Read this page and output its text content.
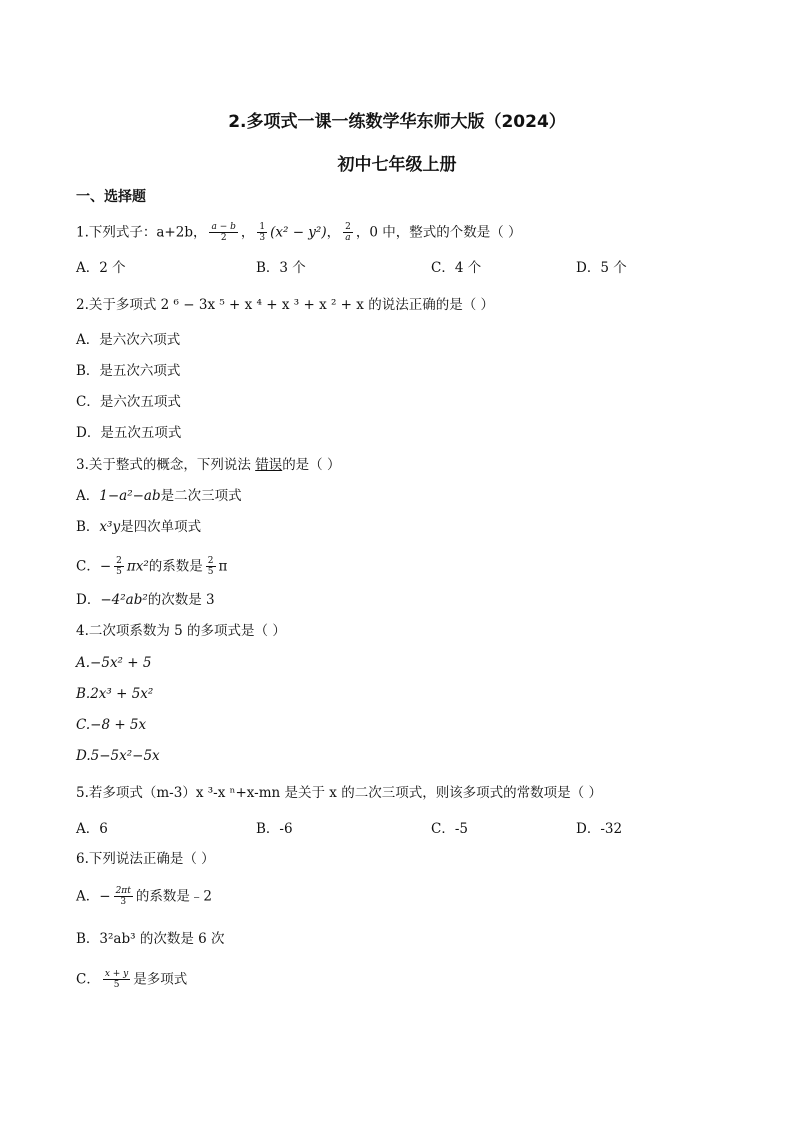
2.多项式一课一练数学华东师大版（2024）
初中七年级上册
一、选择题
1.下列式子：a+2b， $\frac{a - b}{2}$ ， $\frac{1}{3} (x^2 - y^2)$， $\frac{2}{a}$ ，0 中，整式的个数是（ ）
A．2 个	B．3 个	C．4 个	D．5 个
2.关于多项式 2 ⁶ − 3x ⁵ + x ⁴ + x ³ + x ² + x 的说法正确的是（ ）
A．是六次六项式
B．是五次六项式
C．是六次五项式
D．是五次五项式
3.关于整式的概念，下列说法 错误的是（ ）
A．1−a²−ab是二次三项式
B．x³y是四次单项式
C．− $\frac{2}{5} \pi x^2$的系数是 $\frac{2}{5}$ π
D．−4²ab²的次数是 3
4.二次项系数为 5 的多项式是（ ）
A.−5x² + 5
B.2x³ + 5x²
C.−8 + 5x
D.5−5x²−5x
5.若多项式（m-3）x ³-x ⁿ+x-mn 是关于 x 的二次三项式，则该多项式的常数项是（ ）
A．6	B．-6	C．-5	D．-32
6.下列说法正确是（ ）
A．− $\frac{2\pi t}{3}$ 的系数是﹣2
B．3²ab³ 的次数是 6 次
C． $\frac{x + y}{5}$ 是多项式
